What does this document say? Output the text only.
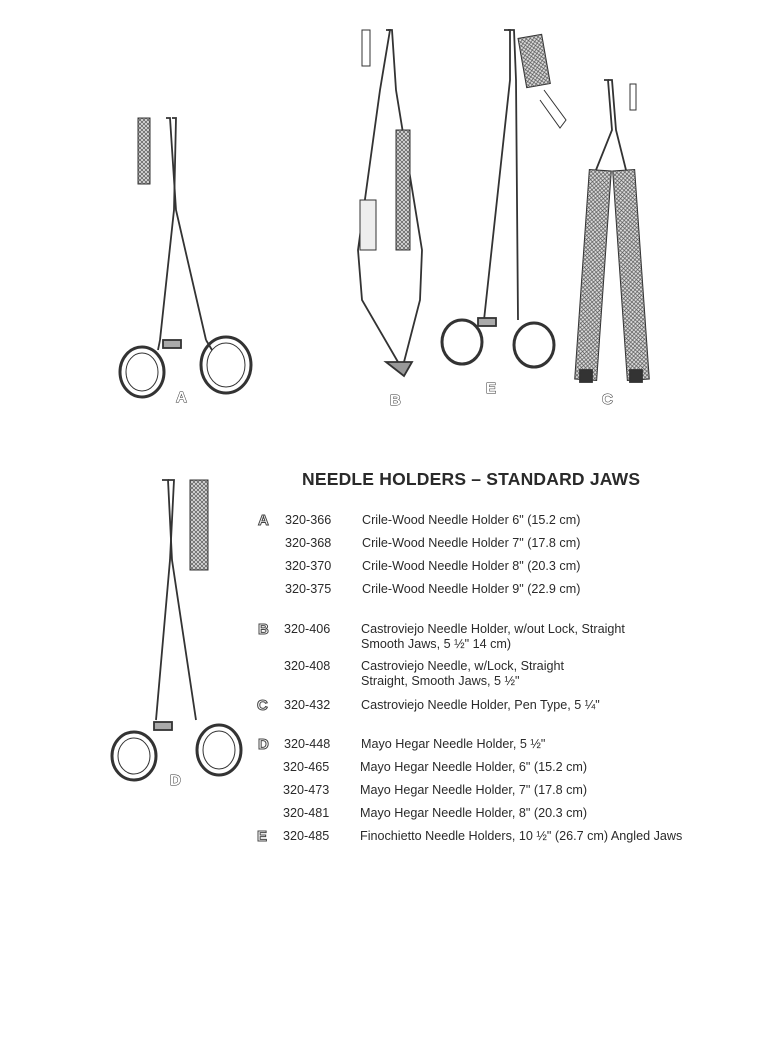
A	B
E
C
D
NEEDLE HOLDERS – STANDARD JAWS
A 320-366 Crile-Wood Needle Holder 6" (15.2 cm)
320-368 Crile-Wood Needle Holder 7" (17.8 cm)
320-370 Crile-Wood Needle Holder 8" (20.3 cm)
320-375 Crile-Wood Needle Holder 9" (22.9 cm)
B 320-406 Castroviejo Needle Holder, w/out Lock, Straight
Smooth Jaws, 5 ½" 14 cm)
320-408 Castroviejo Needle, w/Lock, Straight
Straight, Smooth Jaws, 5 ½"
C 320-432 Castroviejo Needle Holder, Pen Type, 5 ¼"
D 320-448 Mayo Hegar Needle Holder, 5 ½"
320-465 Mayo Hegar Needle Holder, 6" (15.2 cm)
320-473 Mayo Hegar Needle Holder, 7" (17.8 cm)
320-481 Mayo Hegar Needle Holder, 8" (20.3 cm)
E 320-485 Finochietto Needle Holders, 10 ½" (26.7 cm) Angled Jaws
